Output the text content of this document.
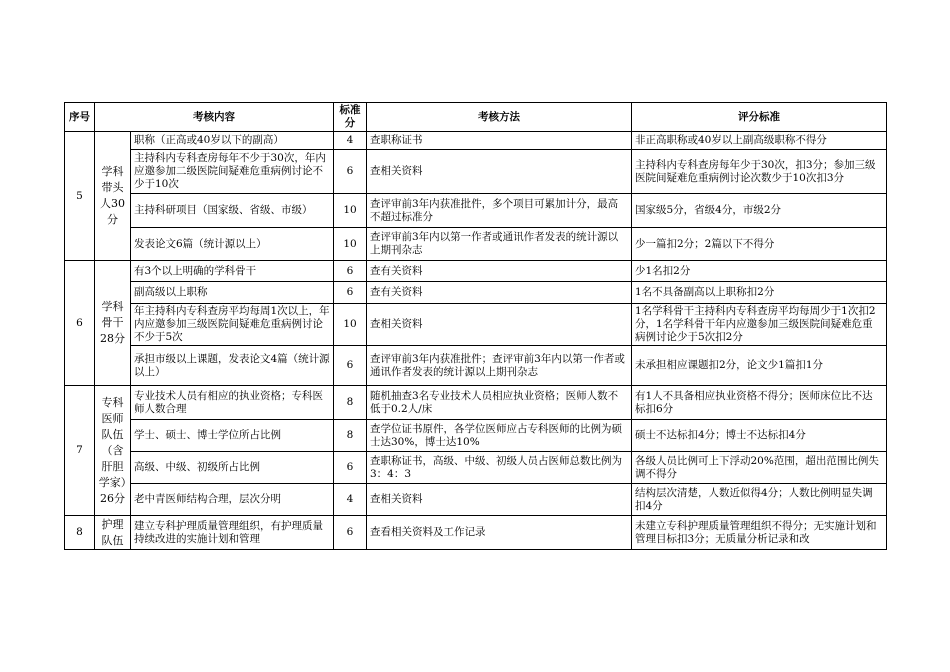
序号	考核内容		标准分	考核方法	评分标准
5	学科带头人30分	职称（正高或40岁以下的副高）	4	查职称证书	非正高职称或40岁以上副高级职称不得分
		主持科内专科查房每年不少于30次，年内应邀参加二级医院间疑难危重病例讨论不少于10次	6	查相关资料	主持科内专科查房每年少于30次，扣3分；参加三级医院间疑难危重病例讨论次数少于10次扣3分
		主持科研项目（国家级、省级、市级）	10	查评审前3年内获准批件，多个项目可累加计分，最高不超过标准分	国家级5分，省级4分，市级2分
		发表论文6篇（统计源以上）	10	查评审前3年内以第一作者或通讯作者发表的统计源以上期刊杂志	少一篇扣2分；2篇以下不得分
6	学科骨干28分	有3个以上明确的学科骨干	6	查有关资料	少1名扣2分
		副高级以上职称	6	查有关资料	1名不具备副高以上职称扣2分
		年主持科内专科查房平均每周1次以上，年内应邀参加三级医院间疑难危重病例讨论不少于5次	10	查相关资料	1名学科骨干主持科内专科查房平均每周少于1次扣2分，1名学科骨干年内应邀参加三级医院间疑难危重病例讨论少于5次扣2分
		承担市级以上课题，发表论文4篇（统计源以上）	6	查评审前3年内获准批件；查评审前3年内以第一作者或通讯作者发表的统计源以上期刊杂志	未承担相应课题扣2分，论文少1篇扣1分
7	专科医师队伍（含肝胆学家）26分	专业技术人员有相应的执业资格；专科医师人数合理	8	随机抽查3名专业技术人员相应执业资格；医师人数不低于0.2人/床	有1人不具备相应执业资格不得分；医师床位比不达标扣6分
		学士、硕士、博士学位所占比例	8	查学位证书原件，各学位医师应占专科医师的比例为硕士达30%，博士达10%	硕士不达标扣4分；博士不达标扣4分
		高级、中级、初级所占比例	6	查职称证书，高级、中级、初级人员占医师总数比例为3：4：3	各级人员比例可上下浮动20%范围，超出范围比例失调不得分
		老中青医师结构合理，层次分明	4	查相关资料	结构层次清楚，人数近似得4分；人数比例明显失调扣4分
8	护理队伍	建立专科护理质量管理组织，有护理质量持续改进的实施计划和管理	6	查看相关资料及工作记录	未建立专科护理质量管理组织不得分；无实施计划和管理目标扣3分；无质量分析记录和改
